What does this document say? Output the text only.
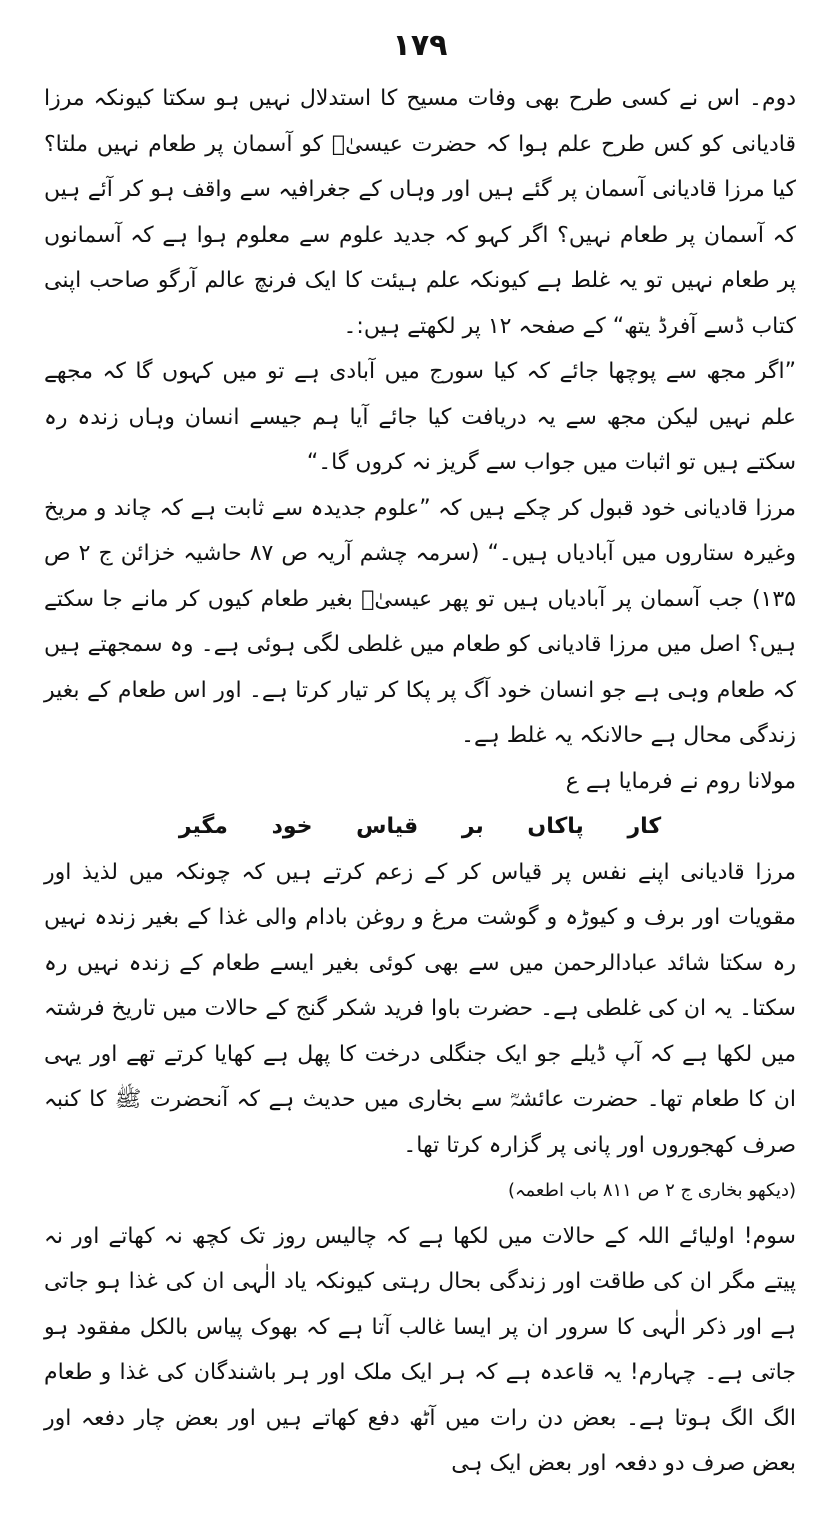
۱۷۹

دوم۔ اس نے کسی طرح بھی وفات مسیح کا استدلال نہیں ہو سکتا کیونکہ مرزا قادیانی کو کس طرح علم ہوا کہ حضرت عیسیٰؑ کو آسمان پر طعام نہیں ملتا؟ کیا مرزا قادیانی آسمان پر گئے ہیں اور وہاں کے جغرافیہ سے واقف ہو کر آئے ہیں کہ آسمان پر طعام نہیں؟ اگر کہو کہ جدید علوم سے معلوم ہوا ہے کہ آسمانوں پر طعام نہیں تو یہ غلط ہے کیونکہ علم ہیئت کا ایک فرنچ عالم آرگو صاحب اپنی کتاب ڈسے آفرڈ یتھ“ کے صفحہ ۱۲ پر لکھتے ہیں:۔

”اگر مجھ سے پوچھا جائے کہ کیا سورج میں آبادی ہے تو میں کہوں گا کہ مجھے علم نہیں لیکن مجھ سے یہ دریافت کیا جائے آیا ہم جیسے انسان وہاں زندہ رہ سکتے ہیں تو اثبات میں جواب سے گریز نہ کروں گا۔“

مرزا قادیانی خود قبول کر چکے ہیں کہ ”علوم جدیدہ سے ثابت ہے کہ چاند و مریخ وغیرہ ستاروں میں آبادیاں ہیں۔“ (سرمہ چشم آریہ ص ۸۷ حاشیہ خزائن ج ۲ ص ۱۳۵) جب آسمان پر آبادیاں ہیں تو پھر عیسیٰؑ بغیر طعام کیوں کر مانے جا سکتے ہیں؟ اصل میں مرزا قادیانی کو طعام میں غلطی لگی ہوئی ہے۔ وہ سمجھتے ہیں کہ طعام وہی ہے جو انسان خود آگ پر پکا کر تیار کرتا ہے۔ اور اس طعام کے بغیر زندگی محال ہے حالانکہ یہ غلط ہے۔

مولانا روم نے فرمایا ہے ع

کار پاکاں بر قیاس خود مگیر

مرزا قادیانی اپنے نفس پر قیاس کر کے زعم کرتے ہیں کہ چونکہ میں لذیذ اور مقویات اور برف و کیوڑہ و گوشت مرغ و روغن بادام والی غذا کے بغیر زندہ نہیں رہ سکتا شائد عبادالرحمن میں سے بھی کوئی بغیر ایسے طعام کے زندہ نہیں رہ سکتا۔ یہ ان کی غلطی ہے۔ حضرت باوا فرید شکر گنج کے حالات میں تاریخ فرشتہ میں لکھا ہے کہ آپ ڈیلے جو ایک جنگلی درخت کا پھل ہے کھایا کرتے تھے اور یہی ان کا طعام تھا۔ حضرت عائشہؓ سے بخاری میں حدیث ہے کہ آنحضرت ﷺ کا کنبہ صرف کھجوروں اور پانی پر گزارہ کرتا تھا۔

(دیکھو بخاری ج ۲ ص ۸۱۱ باب اطعمہ)

سوم! اولیائے اللہ کے حالات میں لکھا ہے کہ چالیس روز تک کچھ نہ کھاتے اور نہ پیتے مگر ان کی طاقت اور زندگی بحال رہتی کیونکہ یاد الٰہی ان کی غذا ہو جاتی ہے اور ذکر الٰہی کا سرور ان پر ایسا غالب آتا ہے کہ بھوک پیاس بالکل مفقود ہو جاتی ہے۔ چہارم! یہ قاعدہ ہے کہ ہر ایک ملک اور ہر باشندگان کی غذا و طعام الگ الگ ہوتا ہے۔ بعض دن رات میں آٹھ دفع کھاتے ہیں اور بعض چار دفعہ اور بعض صرف دو دفعہ اور بعض ایک ہی
